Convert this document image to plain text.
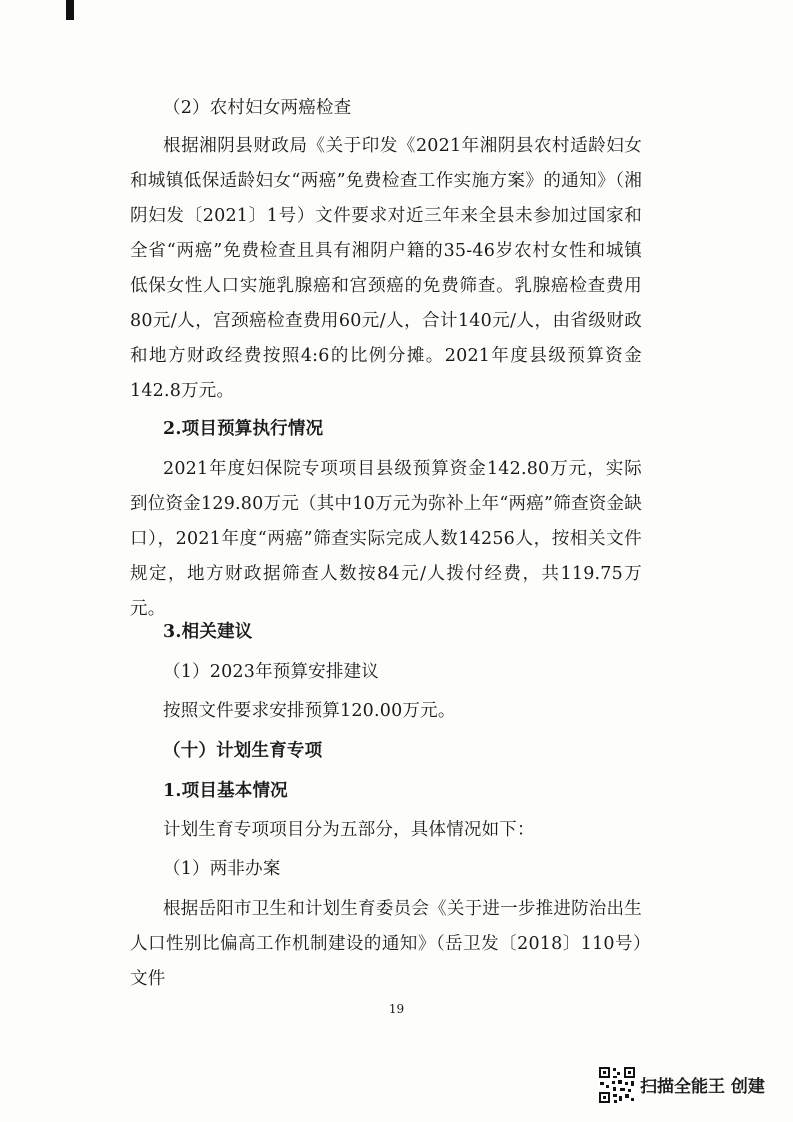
（2）农村妇女两癌检查

根据湘阴县财政局《关于印发《2021年湘阴县农村适龄妇女和城镇低保适龄妇女“两癌”免费检查工作实施方案》的通知》（湘阴妇发〔2021〕1号）文件要求对近三年来全县未参加过国家和全省“两癌”免费检查且具有湘阴户籍的35-46岁农村女性和城镇低保女性人口实施乳腺癌和宫颈癌的免费筛查。乳腺癌检查费用80元/人，宫颈癌检查费用60元/人，合计140元/人，由省级财政和地方财政经费按照4:6的比例分摊。2021年度县级预算资金142.8万元。

2.项目预算执行情况

2021年度妇保院专项项目县级预算资金142.80万元，实际到位资金129.80万元（其中10万元为弥补上年“两癌”筛查资金缺口），2021年度“两癌”筛查实际完成人数14256人，按相关文件规定，地方财政据筛查人数按84元/人拨付经费，共119.75万元。

3.相关建议

（1）2023年预算安排建议

按照文件要求安排预算120.00万元。

（十）计划生育专项

1.项目基本情况

计划生育专项项目分为五部分，具体情况如下：

（1）两非办案

根据岳阳市卫生和计划生育委员会《关于进一步推进防治出生人口性别比偏高工作机制建设的通知》（岳卫发〔2018〕110号）文件

19
扫描全能王 创建
